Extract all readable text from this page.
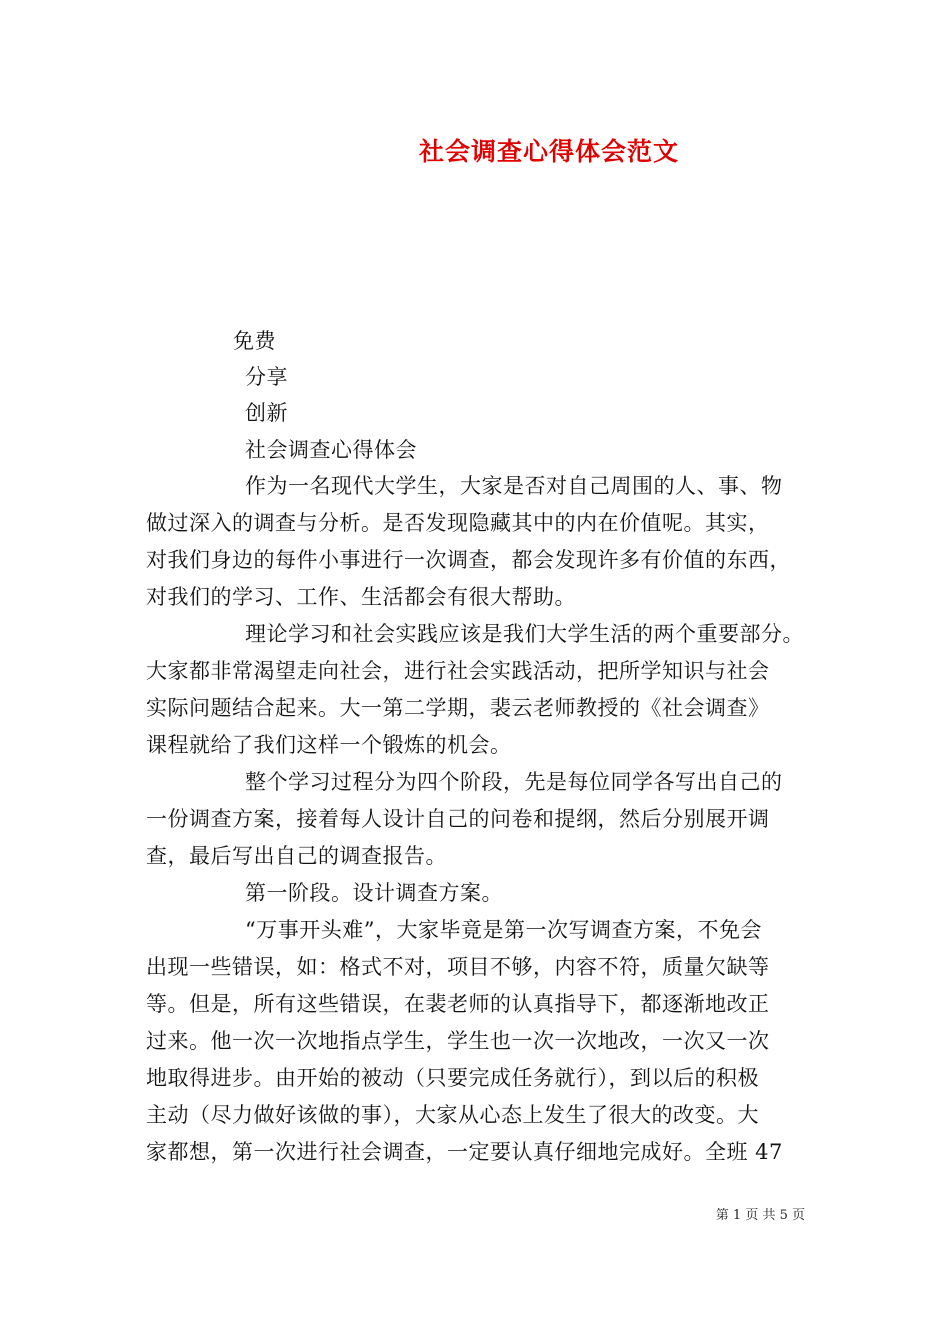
社会调查心得体会范文
免费
分享
创新
社会调查心得体会
作为一名现代大学生，大家是否对自己周围的人、事、物
做过深入的调查与分析。是否发现隐藏其中的内在价值呢。其实，
对我们身边的每件小事进行一次调查，都会发现许多有价值的东西，
对我们的学习、工作、生活都会有很大帮助。
理论学习和社会实践应该是我们大学生活的两个重要部分。
大家都非常渴望走向社会，进行社会实践活动，把所学知识与社会
实际问题结合起来。大一第二学期，裴云老师教授的《社会调查》
课程就给了我们这样一个锻炼的机会。
整个学习过程分为四个阶段，先是每位同学各写出自己的
一份调查方案，接着每人设计自己的问卷和提纲，然后分别展开调
查，最后写出自己的调查报告。
第一阶段。设计调查方案。
“万事开头难”，大家毕竟是第一次写调查方案，不免会
出现一些错误，如：格式不对，项目不够，内容不符，质量欠缺等
等。但是，所有这些错误，在裴老师的认真指导下，都逐渐地改正
过来。他一次一次地指点学生，学生也一次一次地改，一次又一次
地取得进步。由开始的被动（只要完成任务就行），到以后的积极
主动（尽力做好该做的事），大家从心态上发生了很大的改变。大
家都想，第一次进行社会调查，一定要认真仔细地完成好。全班 47
第 1 页 共 5 页
